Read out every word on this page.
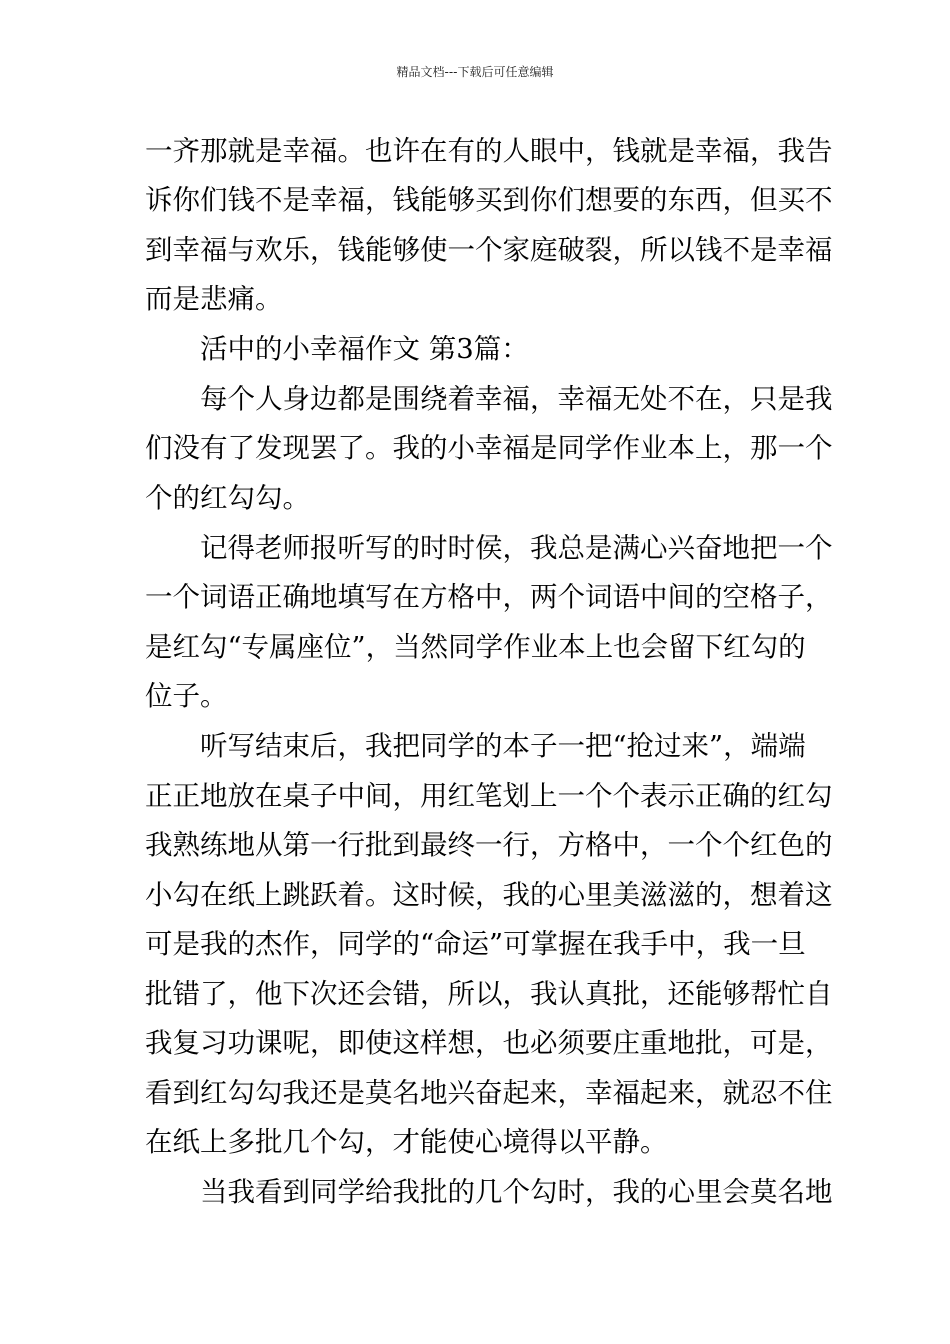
精品文档---下载后可任意编辑
一齐那就是幸福。也许在有的人眼中，钱就是幸福，我告
诉你们钱不是幸福，钱能够买到你们想要的东西，但买不
到幸福与欢乐，钱能够使一个家庭破裂，所以钱不是幸福
而是悲痛。
活中的小幸福作文 第3篇：
每个人身边都是围绕着幸福，幸福无处不在，只是我
们没有了发现罢了。我的小幸福是同学作业本上，那一个
个的红勾勾。
记得老师报听写的时时侯，我总是满心兴奋地把一个
一个词语正确地填写在方格中，两个词语中间的空格子，
是红勾“专属座位”，当然同学作业本上也会留下红勾的
位子。
听写结束后，我把同学的本子一把“抢过来”，端端
正正地放在桌子中间，用红笔划上一个个表示正确的红勾
我熟练地从第一行批到最终一行，方格中，一个个红色的
小勾在纸上跳跃着。这时候，我的心里美滋滋的，想着这
可是我的杰作，同学的“命运”可掌握在我手中，我一旦
批错了，他下次还会错，所以，我认真批，还能够帮忙自
我复习功课呢，即使这样想，也必须要庄重地批，可是，
看到红勾勾我还是莫名地兴奋起来，幸福起来，就忍不住
在纸上多批几个勾，才能使心境得以平静。
当我看到同学给我批的几个勾时，我的心里会莫名地
